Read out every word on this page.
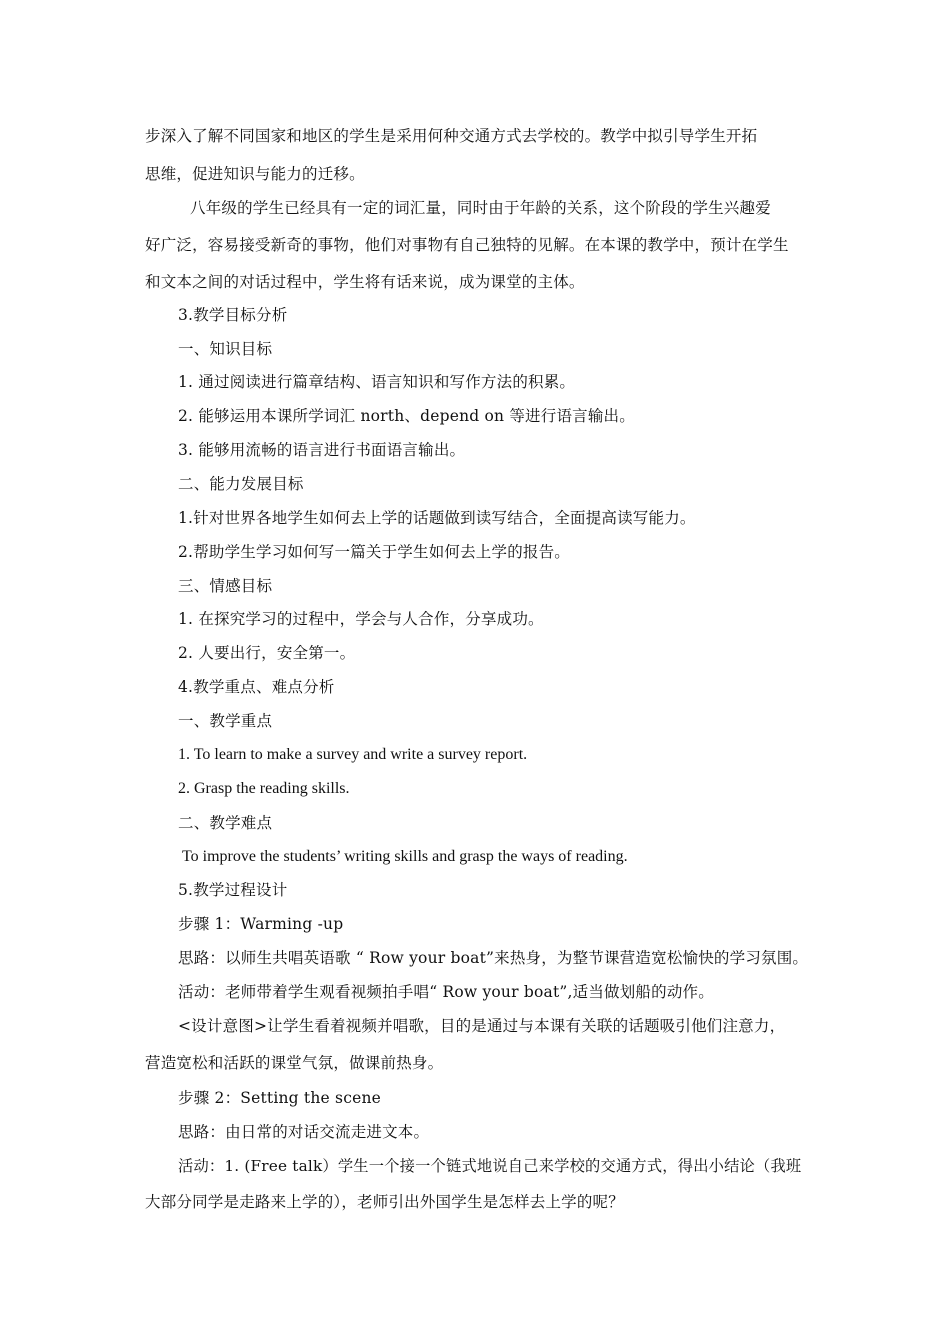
步深入了解不同国家和地区的学生是采用何种交通方式去学校的。教学中拟引导学生开拓
思维，促进知识与能力的迁移。
八年级的学生已经具有一定的词汇量，同时由于年龄的关系，这个阶段的学生兴趣爱
好广泛，容易接受新奇的事物，他们对事物有自己独特的见解。在本课的教学中，预计在学生
和文本之间的对话过程中，学生将有话来说，成为课堂的主体。
3.教学目标分析
一、知识目标
1. 通过阅读进行篇章结构、语言知识和写作方法的积累。
2. 能够运用本课所学词汇 north、depend on 等进行语言输出。
3. 能够用流畅的语言进行书面语言输出。
二、能力发展目标
1.针对世界各地学生如何去上学的话题做到读写结合，全面提高读写能力。
2.帮助学生学习如何写一篇关于学生如何去上学的报告。
三、情感目标
1. 在探究学习的过程中，学会与人合作，分享成功。
2. 人要出行，安全第一。
4.教学重点、难点分析
一、教学重点
1. To learn to make a survey and write a survey report.
2. Grasp the reading skills.
二、教学难点
To improve the students’ writing skills and grasp the ways of reading.
5.教学过程设计
步骤 1：Warming -up
思路：以师生共唱英语歌 “ Row your boat”来热身，为整节课营造宽松愉快的学习氛围。
活动：老师带着学生观看视频拍手唱“ Row your boat”,适当做划船的动作。
<设计意图>让学生看着视频并唱歌，目的是通过与本课有关联的话题吸引他们注意力，
营造宽松和活跃的课堂气氛，做课前热身。
步骤 2：Setting the scene
思路：由日常的对话交流走进文本。
活动：1. (Free talk）学生一个接一个链式地说自己来学校的交通方式，得出小结论（我班
大部分同学是走路来上学的），老师引出外国学生是怎样去上学的呢？
